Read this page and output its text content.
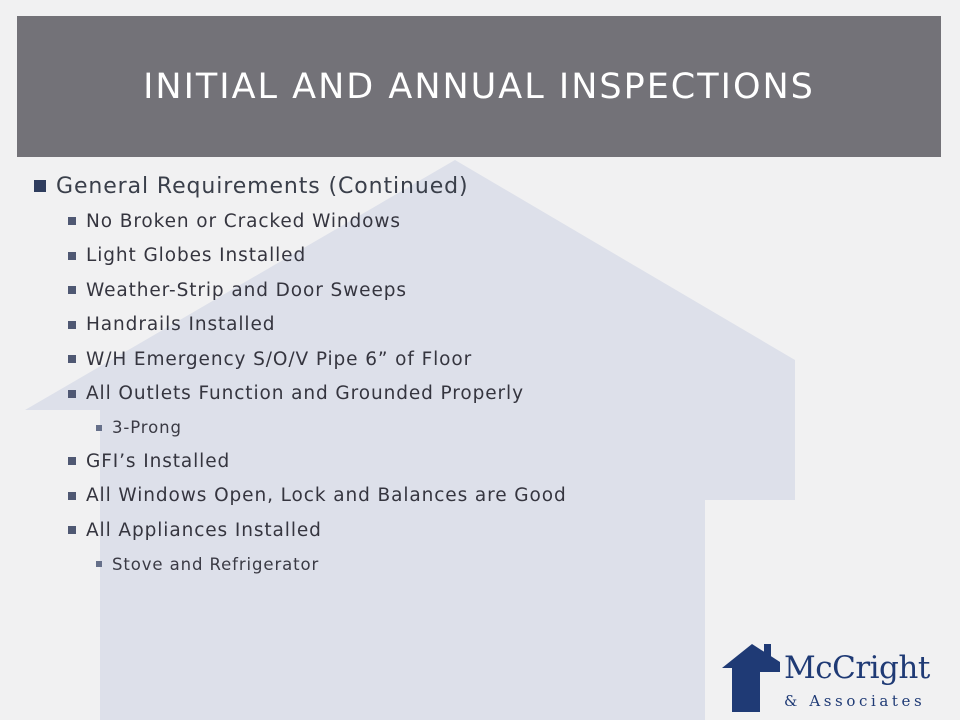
INITIAL AND ANNUAL INSPECTIONS
General Requirements (Continued)
No Broken or Cracked Windows
Light Globes Installed
Weather-Strip and Door Sweeps
Handrails Installed
W/H Emergency S/O/V Pipe 6” of Floor
All Outlets Function and Grounded Properly
3-Prong
GFI’s Installed
All Windows Open, Lock and Balances are Good
All Appliances Installed
Stove and Refrigerator
McCright
& Associates
